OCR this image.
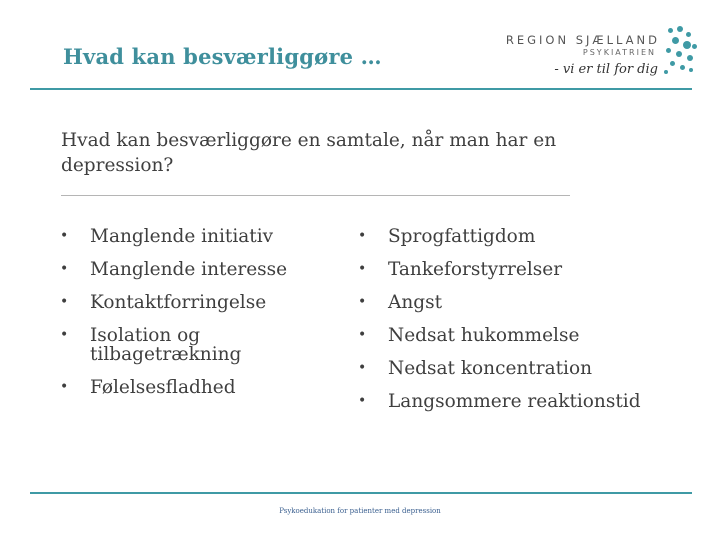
Hvad kan besværliggøre …
REGION SJÆLLAND
PSYKIATRIEN
- vi er til for dig

Hvad kan besværliggøre en samtale, når man har en depression?

• Manglende initiativ
• Manglende interesse
• Kontaktforringelse
• Isolation og tilbagetrækning
• Følelsesfladhed
• Sprogfattigdom
• Tankeforstyrrelser
• Angst
• Nedsat hukommelse
• Nedsat koncentration
• Langsommere reaktionstid

Psykoedukation for patienter med depression
